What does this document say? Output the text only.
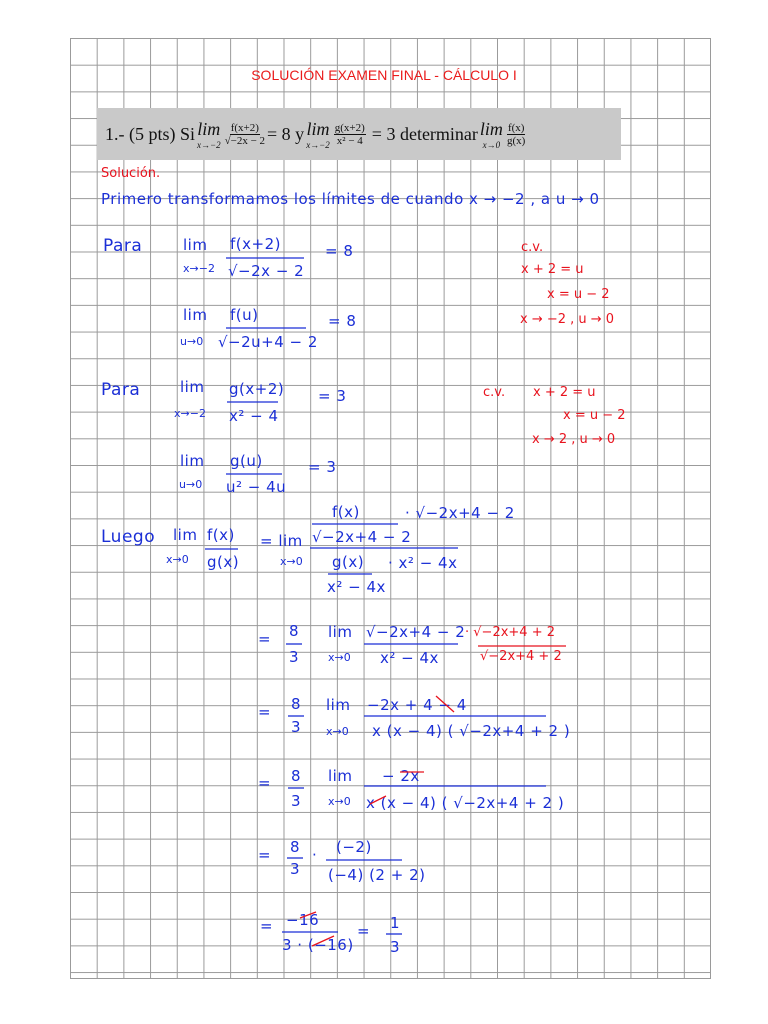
SOLUCIÓN EXAMEN FINAL - CÁLCULO I
1.- (5 pts) Si lim
$x\to-2 \frac{f(x+2)}{√-2x - 2} = 8$ y lim
$x\to-2 \frac{g(x+2)}{\text{x² − 4}} = 3$ determinar lim
$x\to 0 \frac{f(x)}{g(x)}$
Solución.
Primero transformamos los límites de cuando x → −2 , a u → 0
Para	lim
x→−2
f(x+2)
√−2x − 2
= 8	c.v.
x + 2 = u
x = u − 2
x → −2 , u → 0
lim
u→0
f(u)
√−2u+4 − 2
= 8
Para	lim
x→−2
g(x+2)
x² − 4
= 3	c.v. x + 2 = u
x = u − 2
x → 2 , u → 0
lim
u→0
g(u)
u² − 4u
= 3
Luego lim
x→0
f(x)
g(x)
= lim
x→0
f(x)
√−2x+4 − 2
· √−2x+4 − 2
g(x)
x² − 4x
· x² − 4x
= 8
3
lim
x→0
√−2x+4 − 2
x² − 4x
· √−2x+4 + 2
√−2x+4 + 2
= 8
3
lim
x→0
−2x + 4 − 4
x (x − 4) ( √−2x+4 + 2 )
= 8
3
lim
x→0
− 2x
x (x − 4) ( √−2x+4 + 2 )
= 8
3
· (−2)
(−4) (2 + 2)
= −16
3 · (−16)
= 1
3
